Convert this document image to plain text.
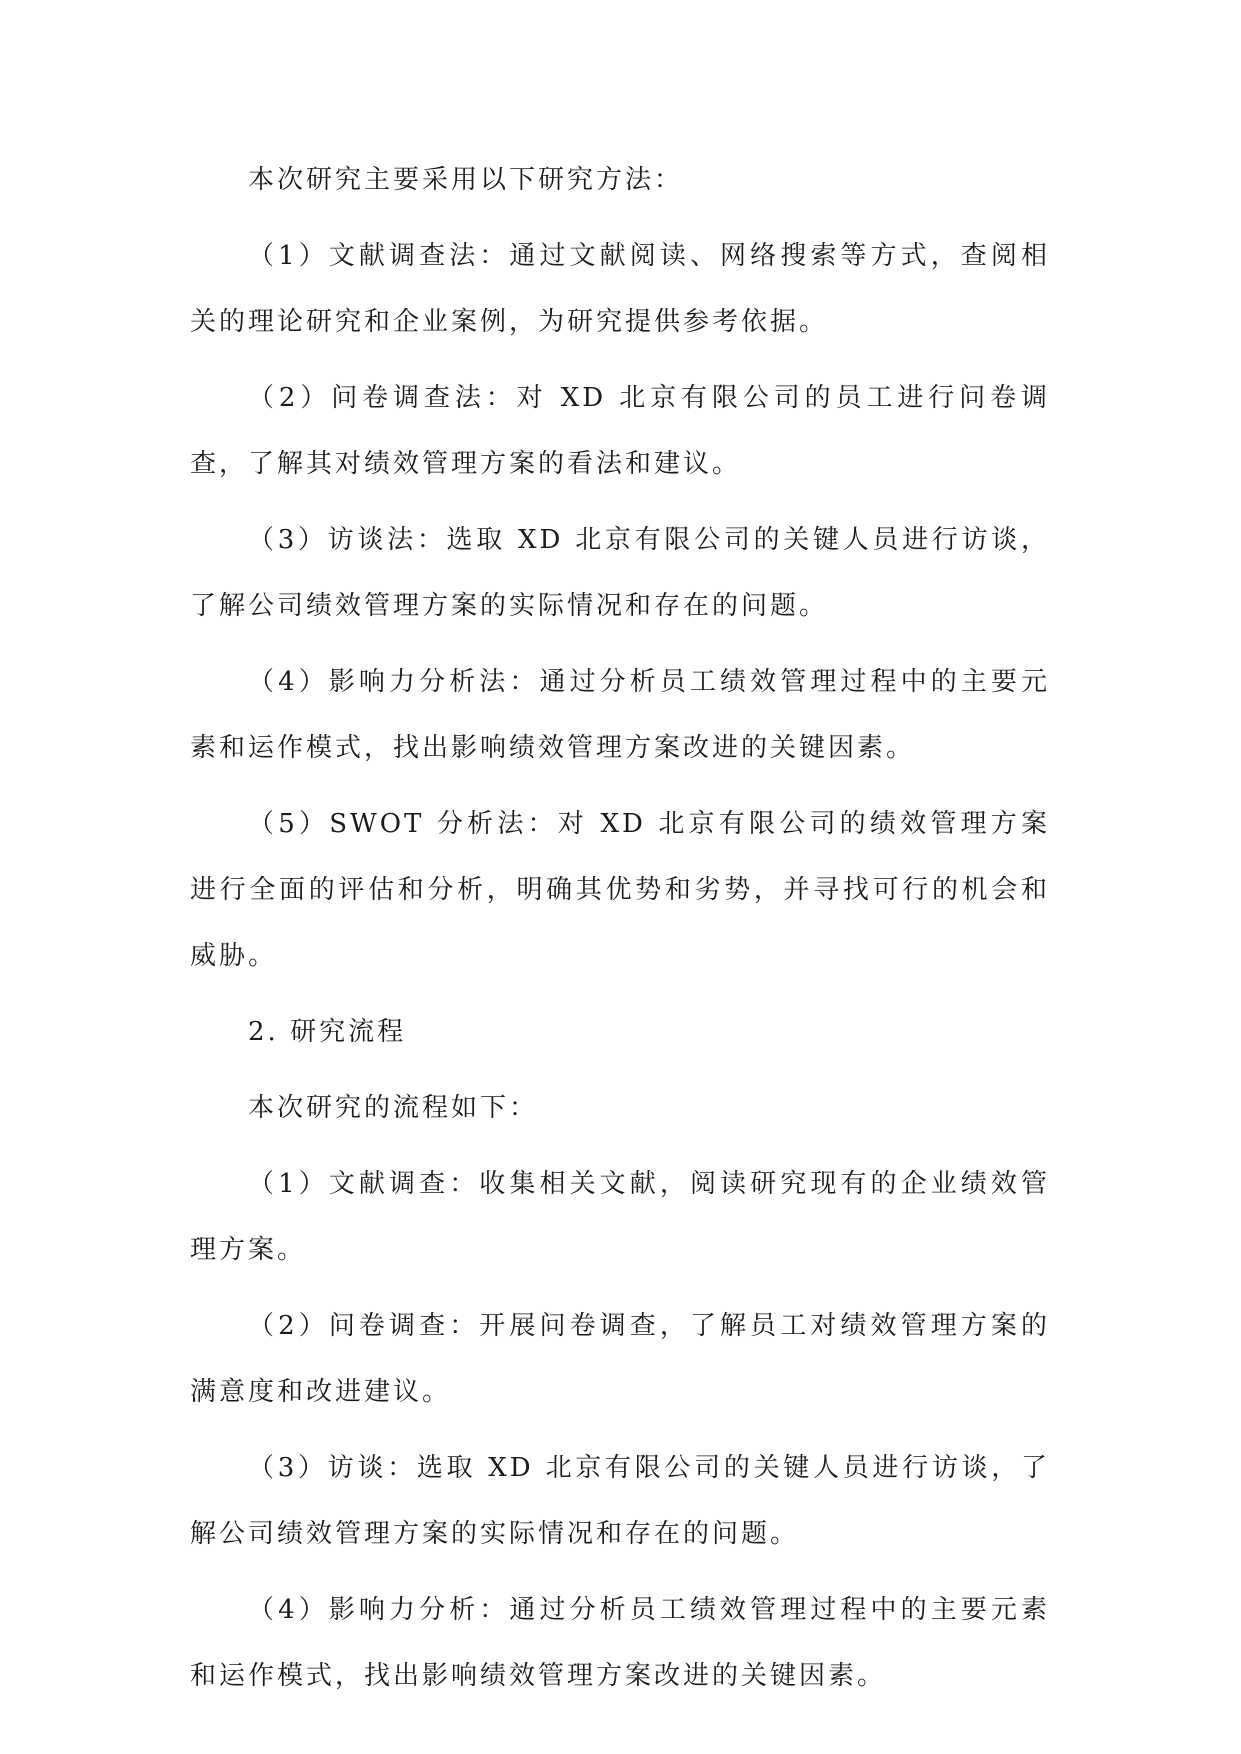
本次研究主要采用以下研究方法：

（1）文献调查法：通过文献阅读、网络搜索等方式，查阅相关的理论研究和企业案例，为研究提供参考依据。

（2）问卷调查法：对 XD 北京有限公司的员工进行问卷调查，了解其对绩效管理方案的看法和建议。

（3）访谈法：选取 XD 北京有限公司的关键人员进行访谈，了解公司绩效管理方案的实际情况和存在的问题。

（4）影响力分析法：通过分析员工绩效管理过程中的主要元素和运作模式，找出影响绩效管理方案改进的关键因素。

（5）SWOT 分析法：对 XD 北京有限公司的绩效管理方案进行全面的评估和分析，明确其优势和劣势，并寻找可行的机会和威胁。

2. 研究流程

本次研究的流程如下：

（1）文献调查：收集相关文献，阅读研究现有的企业绩效管理方案。

（2）问卷调查：开展问卷调查，了解员工对绩效管理方案的满意度和改进建议。

（3）访谈：选取 XD 北京有限公司的关键人员进行访谈，了解公司绩效管理方案的实际情况和存在的问题。

（4）影响力分析：通过分析员工绩效管理过程中的主要元素和运作模式，找出影响绩效管理方案改进的关键因素。
